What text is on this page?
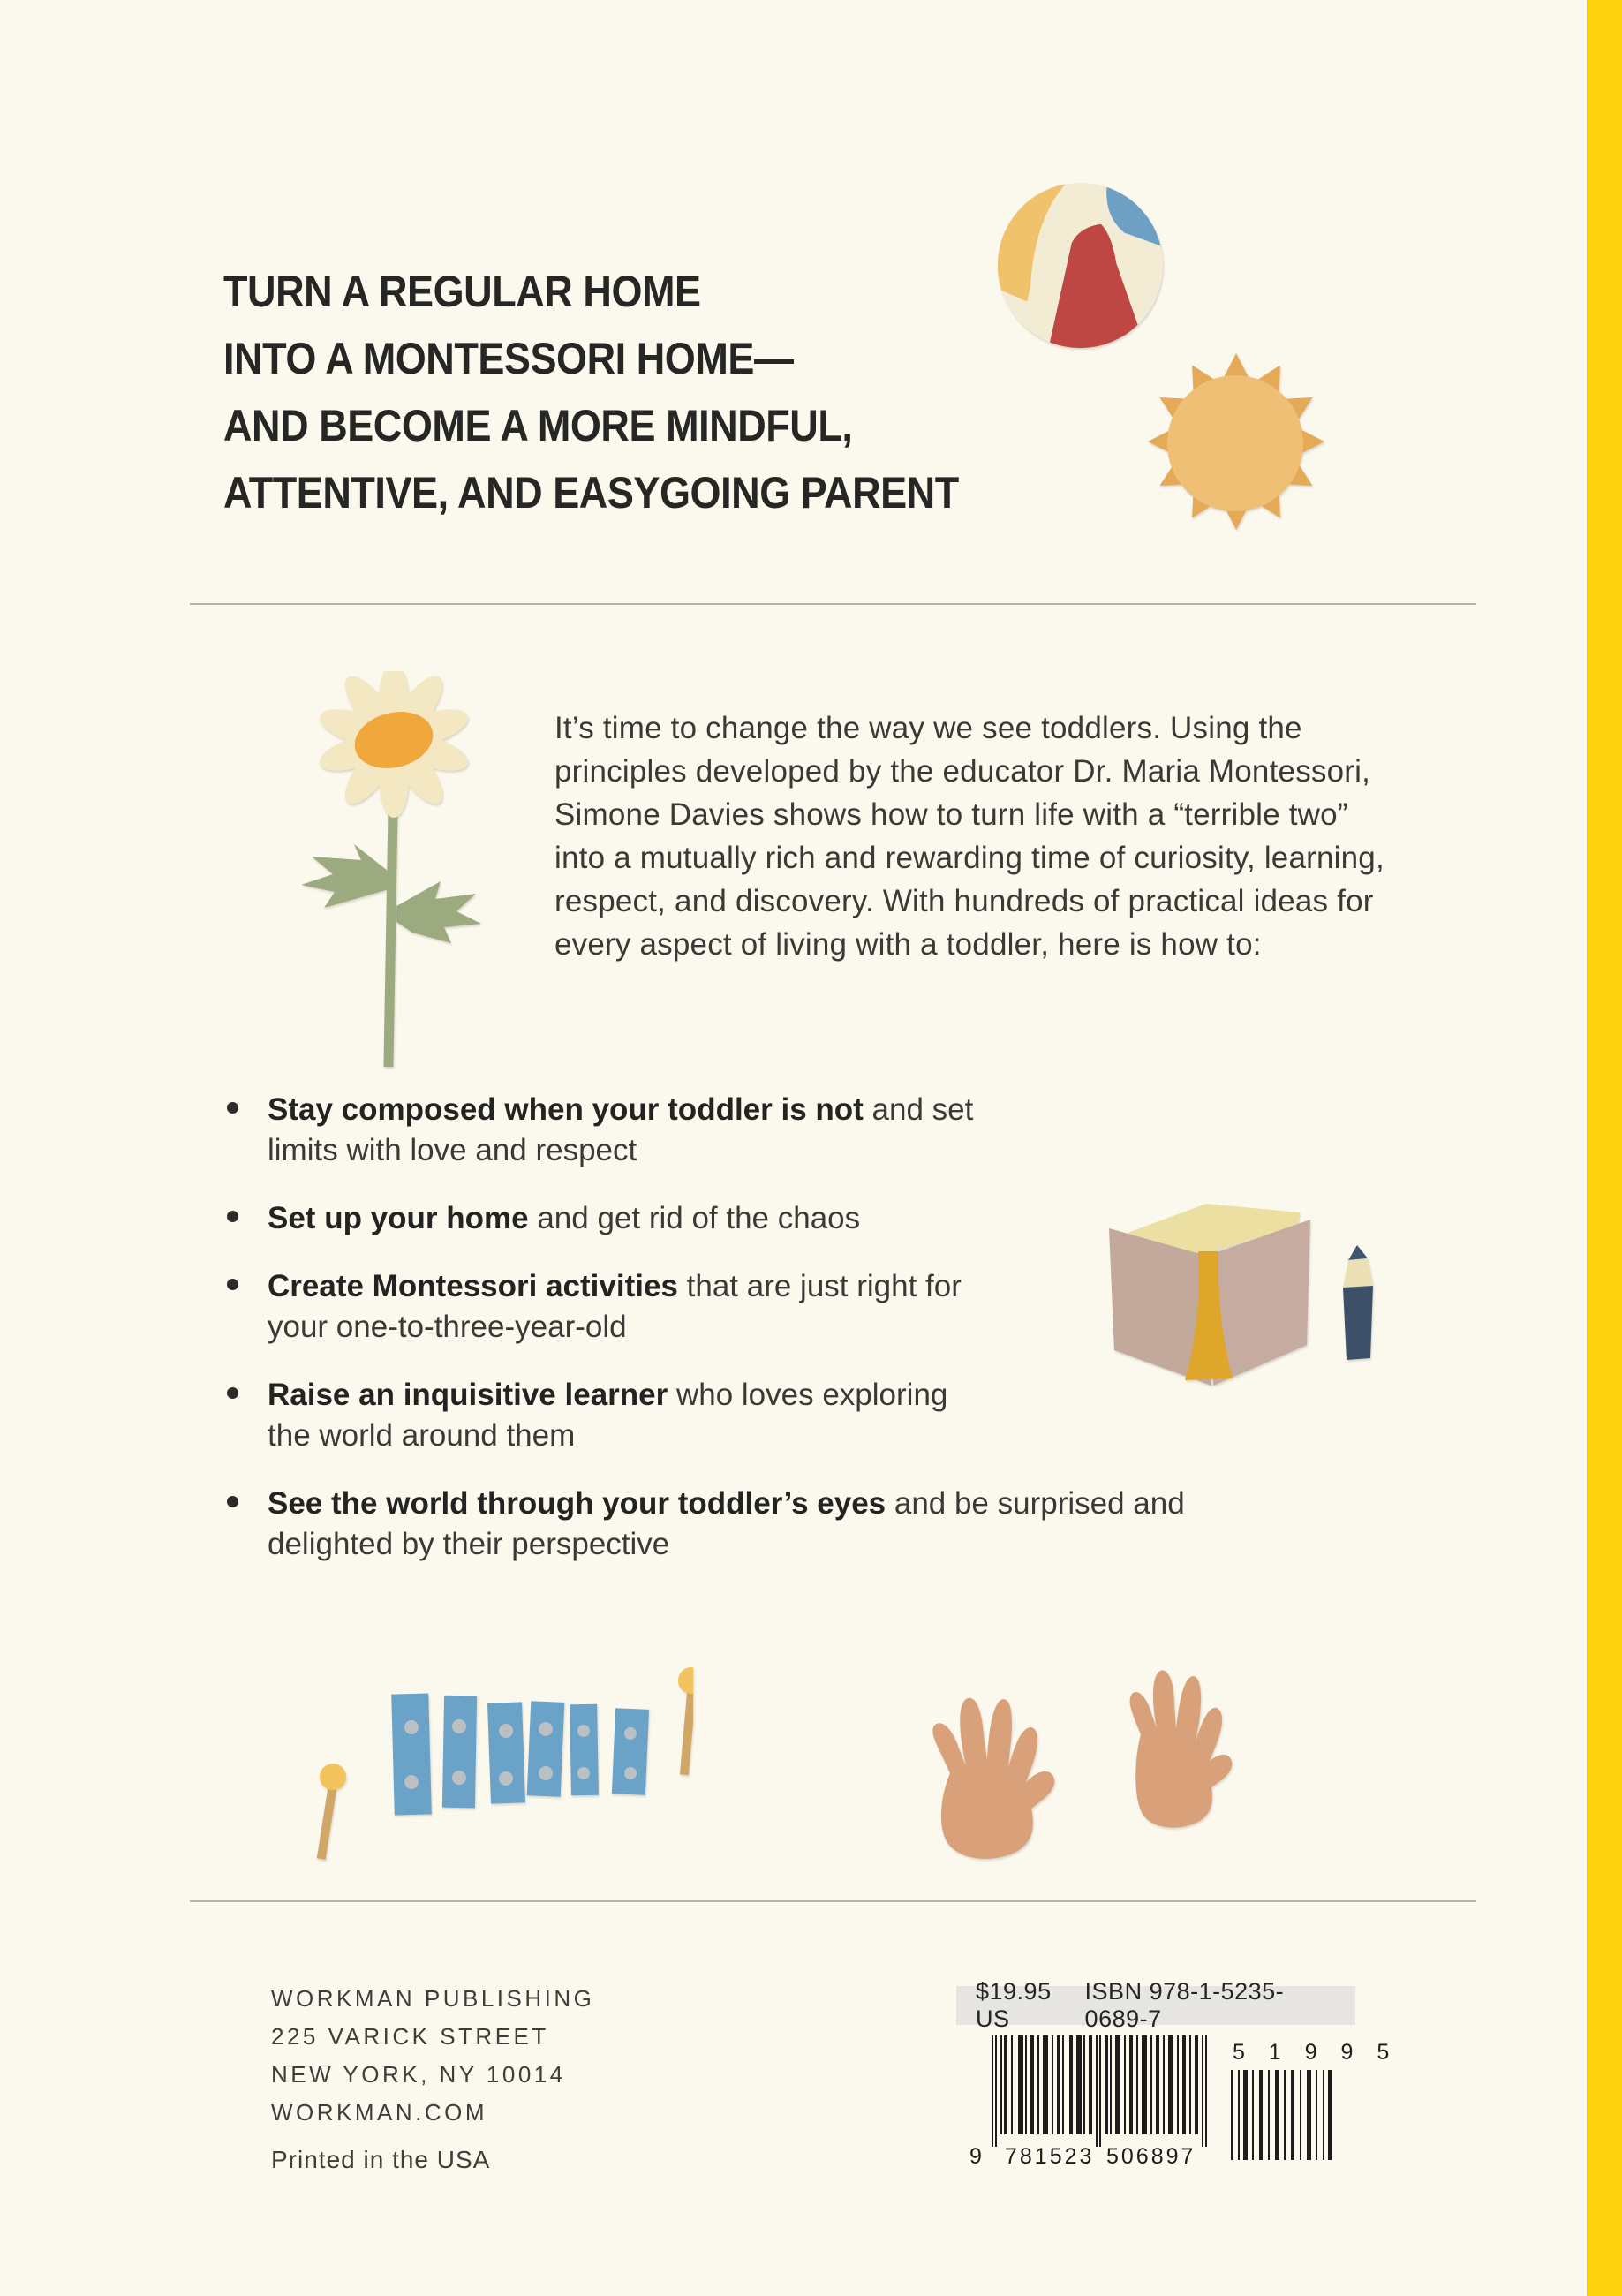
TURN A REGULAR HOME
INTO A MONTESSORI HOME—
AND BECOME A MORE MINDFUL,
ATTENTIVE, AND EASYGOING PARENT
It’s time to change the way we see toddlers. Using the principles developed by the educator Dr. Maria Montessori, Simone Davies shows how to turn life with a “terrible two” into a mutually rich and rewarding time of curiosity, learning, respect, and discovery. With hundreds of practical ideas for every aspect of living with a toddler, here is how to:
Stay composed when your toddler is not and set limits with love and respect
Set up your home and get rid of the chaos
Create Montessori activities that are just right for your one-to-three-year-old
Raise an inquisitive learner who loves exploring the world around them
See the world through your toddler’s eyes and be surprised and delighted by their perspective
WORKMAN PUBLISHING
225 VARICK STREET
NEW YORK, NY 10014
WORKMAN.COM
Printed in the USA
$19.95 US
ISBN 978-1-5235-0689-7
9 781523 506897
5 1 9 9 5
